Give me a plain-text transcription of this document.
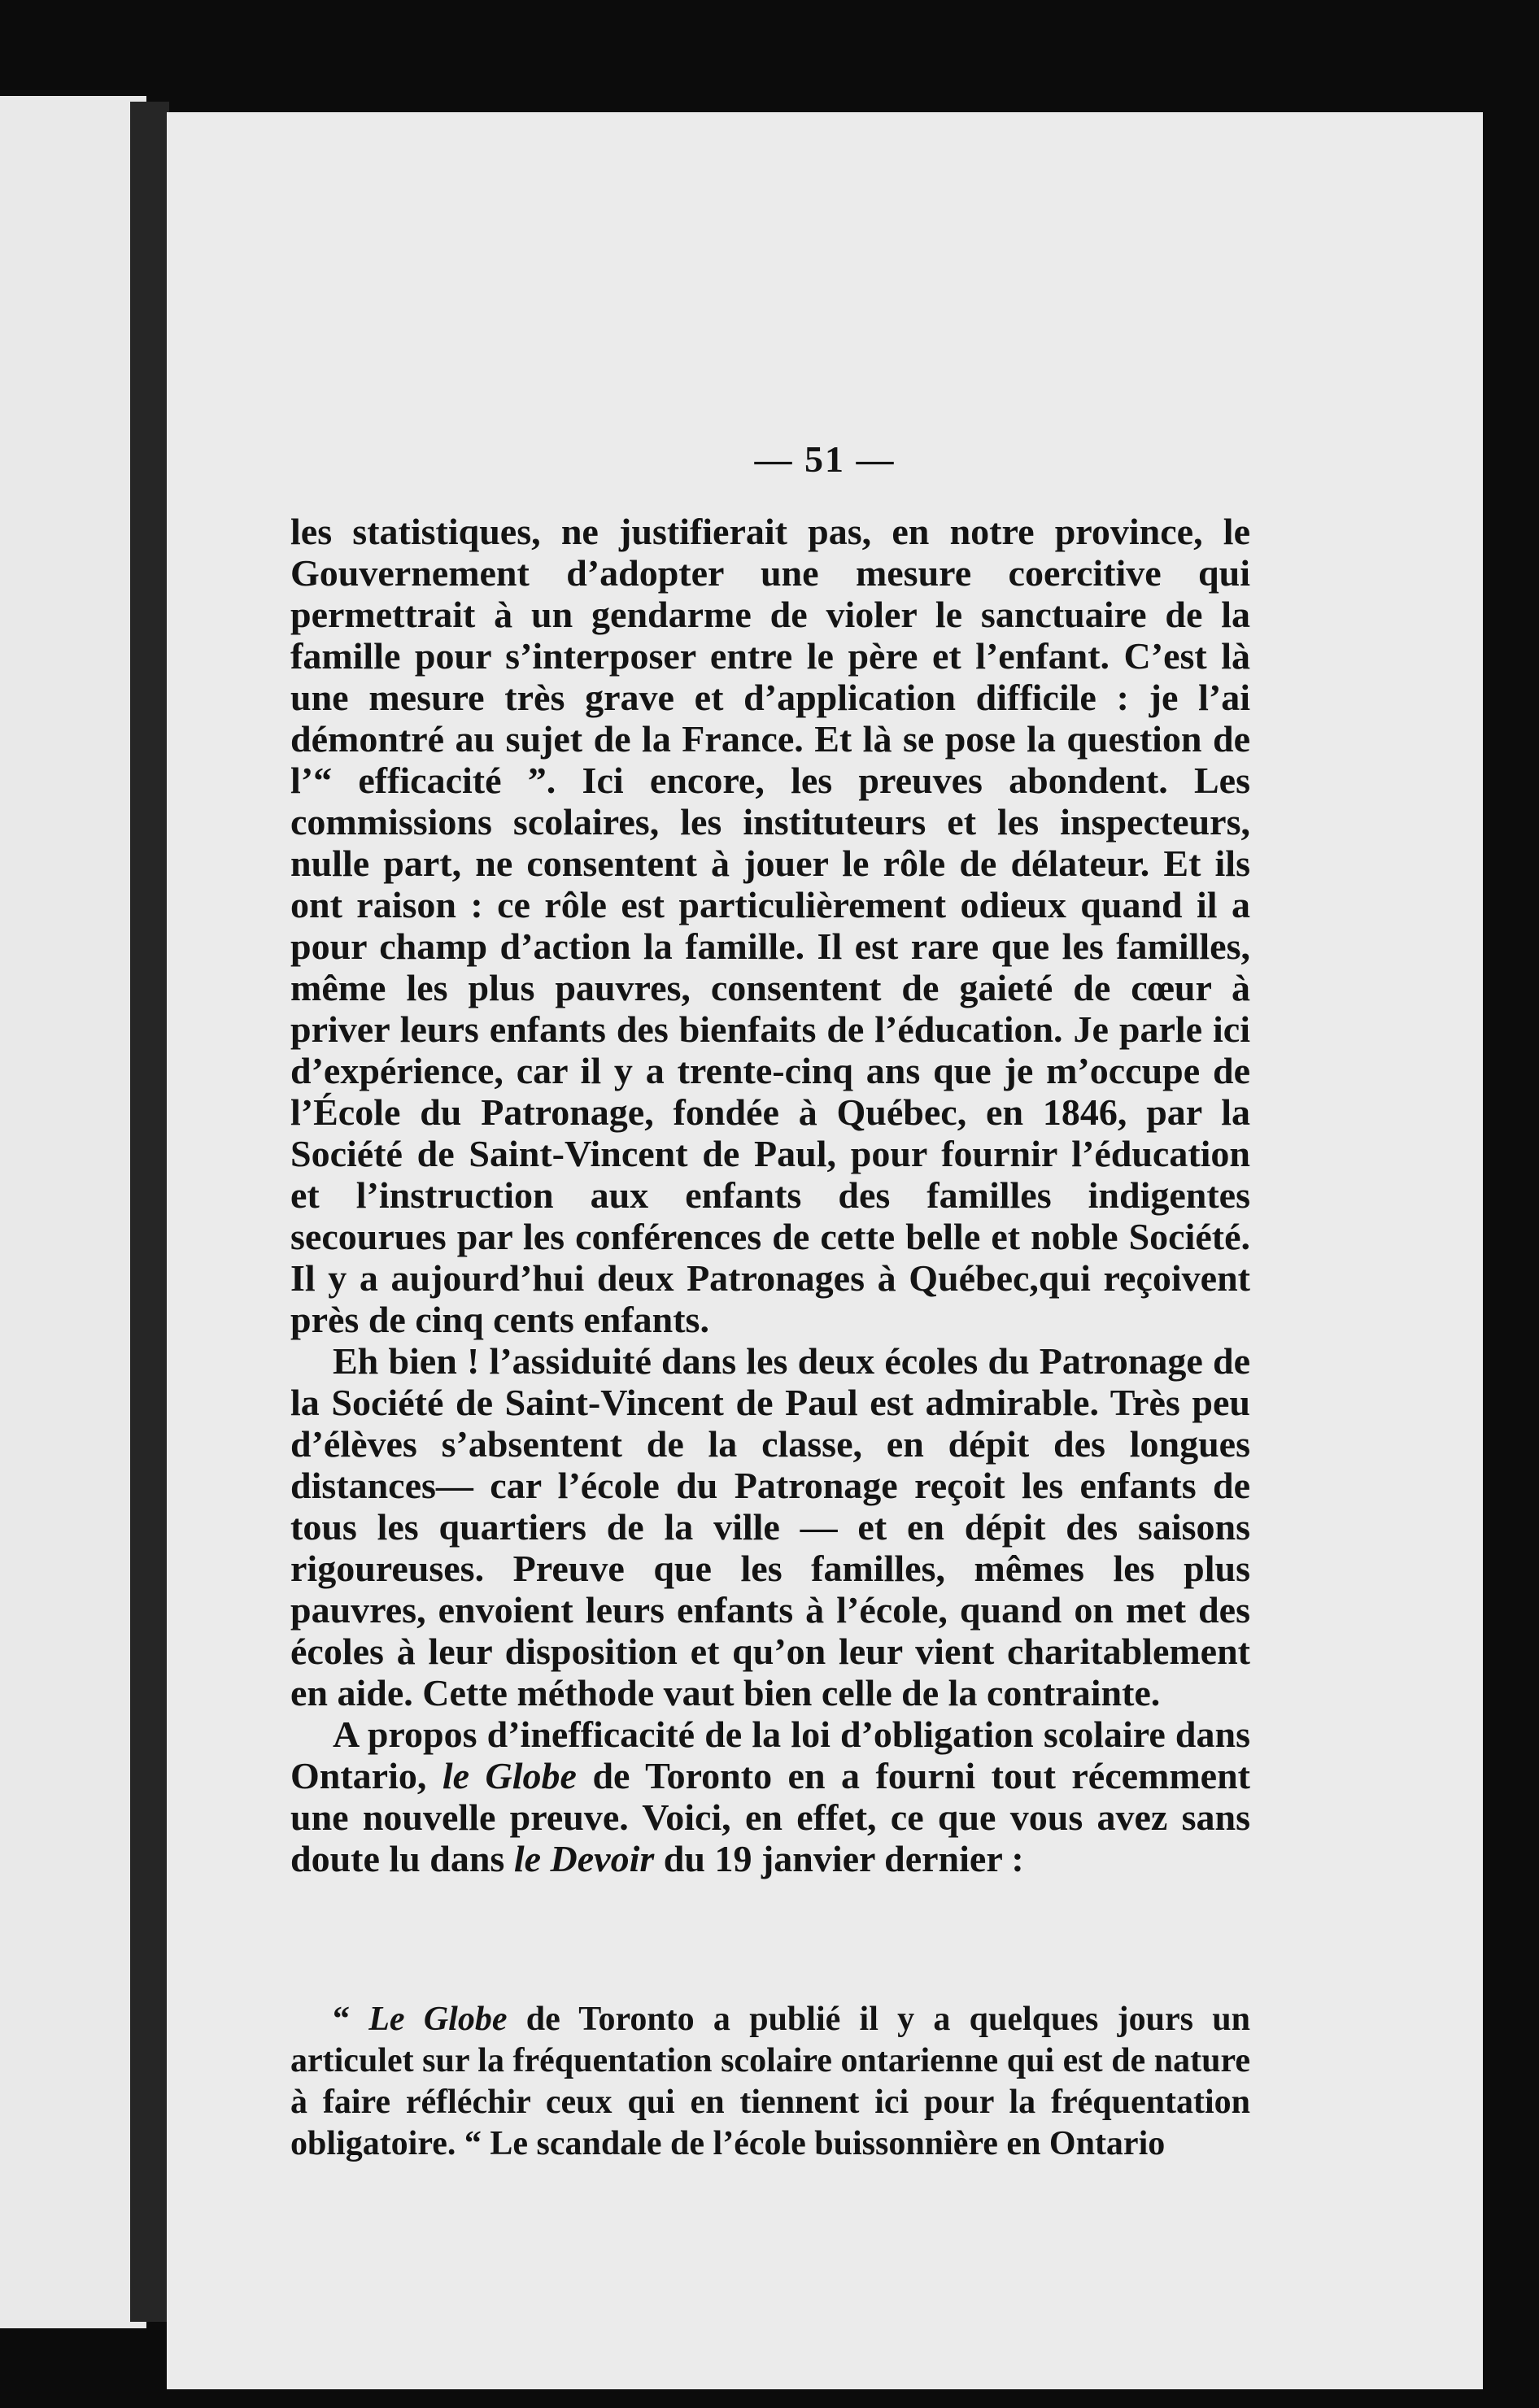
— 51 —

les statistiques, ne justifierait pas, en notre province, le Gouvernement d’adopter une mesure coercitive qui permettrait à un gendarme de violer le sanctuaire de la famille pour s’interposer entre le père et l’enfant. C’est là une mesure très grave et d’application difficile : je l’ai démontré au sujet de la France. Et là se pose la question de l’“ efficacité ”. Ici encore, les preuves abondent. Les commissions scolaires, les instituteurs et les inspecteurs, nulle part, ne consentent à jouer le rôle de délateur. Et ils ont raison : ce rôle est particulièrement odieux quand il a pour champ d’action la famille. Il est rare que les familles, même les plus pauvres, consentent de gaieté de cœur à priver leurs enfants des bienfaits de l’éducation. Je parle ici d’expérience, car il y a trente-cinq ans que je m’occupe de l’École du Patronage, fondée à Québec, en 1846, par la Société de Saint-Vincent de Paul, pour fournir l’éducation et l’instruction aux enfants des familles indigentes secourues par les conférences de cette belle et noble Société. Il y a aujourd’hui deux Patronages à Québec,qui reçoivent près de cinq cents enfants.

Eh bien ! l’assiduité dans les deux écoles du Patronage de la Société de Saint-Vincent de Paul est admirable. Très peu d’élèves s’absentent de la classe, en dépit des longues distances— car l’école du Patronage reçoit les enfants de tous les quartiers de la ville — et en dépit des saisons rigoureuses. Preuve que les familles, mêmes les plus pauvres, envoient leurs enfants à l’école, quand on met des écoles à leur disposition et qu’on leur vient charitablement en aide. Cette méthode vaut bien celle de la contrainte.

A propos d’inefficacité de la loi d’obligation scolaire dans Ontario, le Globe de Toronto en a fourni tout récemment une nouvelle preuve. Voici, en effet, ce que vous avez sans doute lu dans le Devoir du 19 janvier dernier :

“ Le Globe de Toronto a publié il y a quelques jours un articulet sur la fréquentation scolaire ontarienne qui est de nature à faire réfléchir ceux qui en tiennent ici pour la fréquentation obligatoire. “ Le scandale de l’école buissonnière en Ontario
